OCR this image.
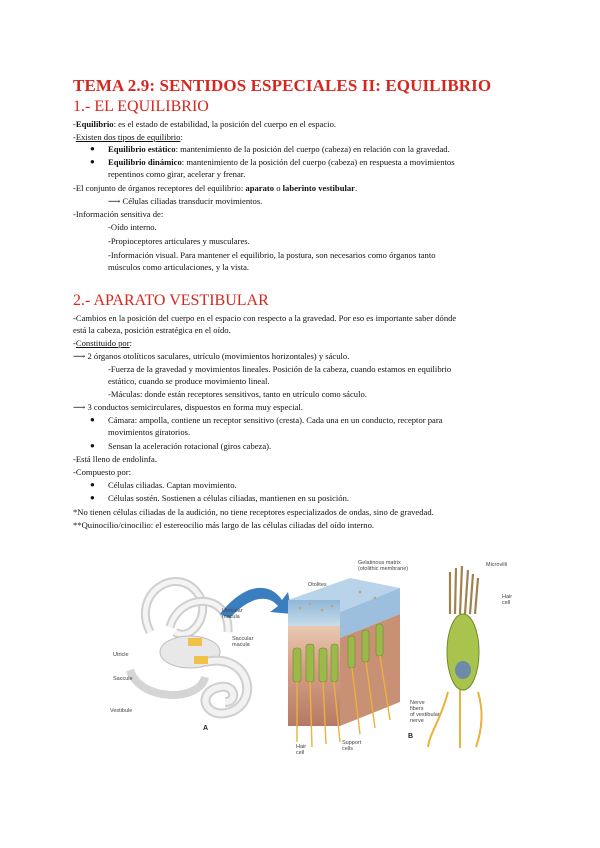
TEMA 2.9: SENTIDOS ESPECIALES II: EQUILIBRIO
1.- EL EQUILIBRIO
-Equilibrio: es el estado de estabilidad, la posición del cuerpo en el espacio.
-Existen dos tipos de equilibrio:
● Equilibrio estático: mantenimiento de la posición del cuerpo (cabeza) en relación con la gravedad.
● Equilibrio dinámico: mantenimiento de la posición del cuerpo (cabeza) en respuesta a movimientos
repentinos como girar, acelerar y frenar.
-El conjunto de órganos receptores del equilibrio: aparato o laberinto vestibular.
⟶ Células ciliadas transducir movimientos.
-Información sensitiva de:
-Oído interno.
-Propioceptores articulares y musculares.
-Información visual. Para mantener el equilibrio, la postura, son necesarios como órganos tanto
músculos como articulaciones, y la vista.
2.- APARATO VESTIBULAR
-Cambios en la posición del cuerpo en el espacio con respecto a la gravedad. Por eso es importante saber dónde
está la cabeza, posición estratégica en el oído.
-Constituido por:
⟶ 2 órganos otolíticos saculares, utrículo (movimientos horizontales) y sáculo.
-Fuerza de la gravedad y movimientos lineales. Posición de la cabeza, cuando estamos en equilibrio
estático, cuando se produce movimiento lineal.
-Máculas: donde están receptores sensitivos, tanto en utrículo como sáculo.
⟶ 3 conductos semicirculares, dispuestos en forma muy especial.
● Cámara: ampolla, contiene un receptor sensitivo (cresta). Cada una en un conducto, receptor para
movimientos giratorios.
● Sensan la aceleración rotacional (giros cabeza).
-Está lleno de endolinfa.
-Compuesto por:
● Células ciliadas. Captan movimiento.
● Células sostén. Sostienen a células ciliadas, mantienen en su posición.
*No tienen células ciliadas de la audición, no tiene receptores especializados de ondas, sino de gravedad.
**Quinocilio/cinocilio: el estereocilio más largo de las células ciliadas del oído interno.
Utricular
macula
Saccular
macula
Utricle
Saccule
Vestibule
A
Gelatinous matrix
(otolithic membrane)
Otolites
Microvilli
Hair
cell
Nerve
fibers
of vestibular
nerve
Hair
cell
Support
cells
B
